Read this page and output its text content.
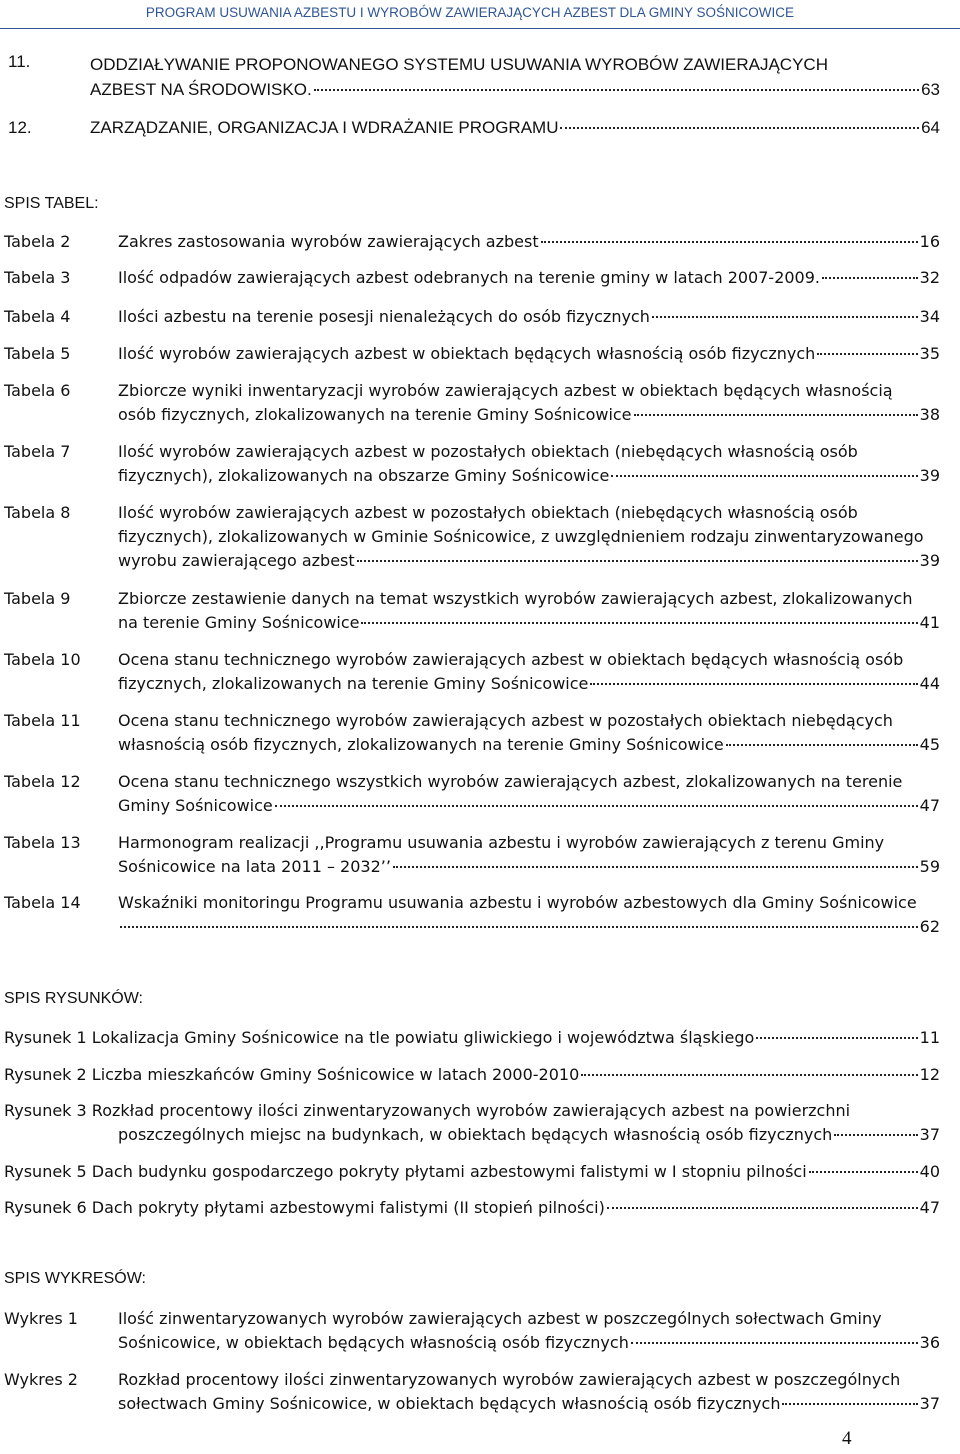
PROGRAM USUWANIA AZBESTU I WYROBÓW ZAWIERAJĄCYCH AZBEST DLA GMINY SOŚNICOWICE
11.	ODDZIAŁYWANIE PROPONOWANEGO SYSTEMU USUWANIA WYROBÓW ZAWIERAJĄCYCH
AZBEST NA ŚRODOWISKO.	63
12.	ZARZĄDZANIE, ORGANIZACJA I WDRAŻANIE PROGRAMU	64
SPIS TABEL:
Tabela 2	Zakres zastosowania wyrobów zawierających azbest	16
Tabela 3	Ilość odpadów zawierających azbest odebranych na terenie gminy w latach 2007-2009.	32
Tabela 4	Ilości azbestu na terenie posesji nienależących do osób fizycznych	34
Tabela 5	Ilość wyrobów zawierających azbest w obiektach będących własnością osób fizycznych	35
Tabela 6	Zbiorcze wyniki inwentaryzacji wyrobów zawierających azbest w obiektach będących własnością
osób fizycznych, zlokalizowanych na terenie Gminy Sośnicowice	38
Tabela 7	Ilość wyrobów zawierających azbest w pozostałych obiektach (niebędących własnością osób
fizycznych), zlokalizowanych na obszarze Gminy Sośnicowice	39
Tabela 8	Ilość wyrobów zawierających azbest w pozostałych obiektach (niebędących własnością osób
fizycznych), zlokalizowanych w Gminie Sośnicowice, z uwzględnieniem rodzaju zinwentaryzowanego
wyrobu zawierającego azbest	39
Tabela 9	Zbiorcze zestawienie danych na temat wszystkich wyrobów zawierających azbest, zlokalizowanych
na terenie Gminy Sośnicowice	41
Tabela 10 Ocena stanu technicznego wyrobów zawierających azbest w obiektach będących własnością osób
fizycznych, zlokalizowanych na terenie Gminy Sośnicowice	44
Tabela 11 Ocena stanu technicznego wyrobów zawierających azbest w pozostałych obiektach niebędących
własnością osób fizycznych, zlokalizowanych na terenie Gminy Sośnicowice	45
Tabela 12 Ocena stanu technicznego wszystkich wyrobów zawierających azbest, zlokalizowanych na terenie
Gminy Sośnicowice	47
Tabela 13 Harmonogram realizacji ,,Programu usuwania azbestu i wyrobów zawierających z terenu Gminy
Sośnicowice na lata 2011 – 2032’’	59
Tabela 14 Wskaźniki monitoringu Programu usuwania azbestu i wyrobów azbestowych dla Gminy Sośnicowice
62
SPIS RYSUNKÓW:
Rysunek 1 Lokalizacja Gminy Sośnicowice na tle powiatu gliwickiego i województwa śląskiego	11
Rysunek 2 Liczba mieszkańców Gminy Sośnicowice w latach 2000-2010	12
Rysunek 3 Rozkład procentowy ilości zinwentaryzowanych wyrobów zawierających azbest na powierzchni
poszczególnych miejsc na budynkach, w obiektach będących własnością osób fizycznych	37
Rysunek 5 Dach budynku gospodarczego pokryty płytami azbestowymi falistymi w I stopniu pilności	40
Rysunek 6 Dach pokryty płytami azbestowymi falistymi (II stopień pilności)	47
SPIS WYKRESÓW:
Wykres 1	Ilość zinwentaryzowanych wyrobów zawierających azbest w poszczególnych sołectwach Gminy
Sośnicowice, w obiektach będących własnością osób fizycznych	36
Wykres 2	Rozkład procentowy ilości zinwentaryzowanych wyrobów zawierających azbest w poszczególnych
sołectwach Gminy Sośnicowice, w obiektach będących własnością osób fizycznych	37
4
